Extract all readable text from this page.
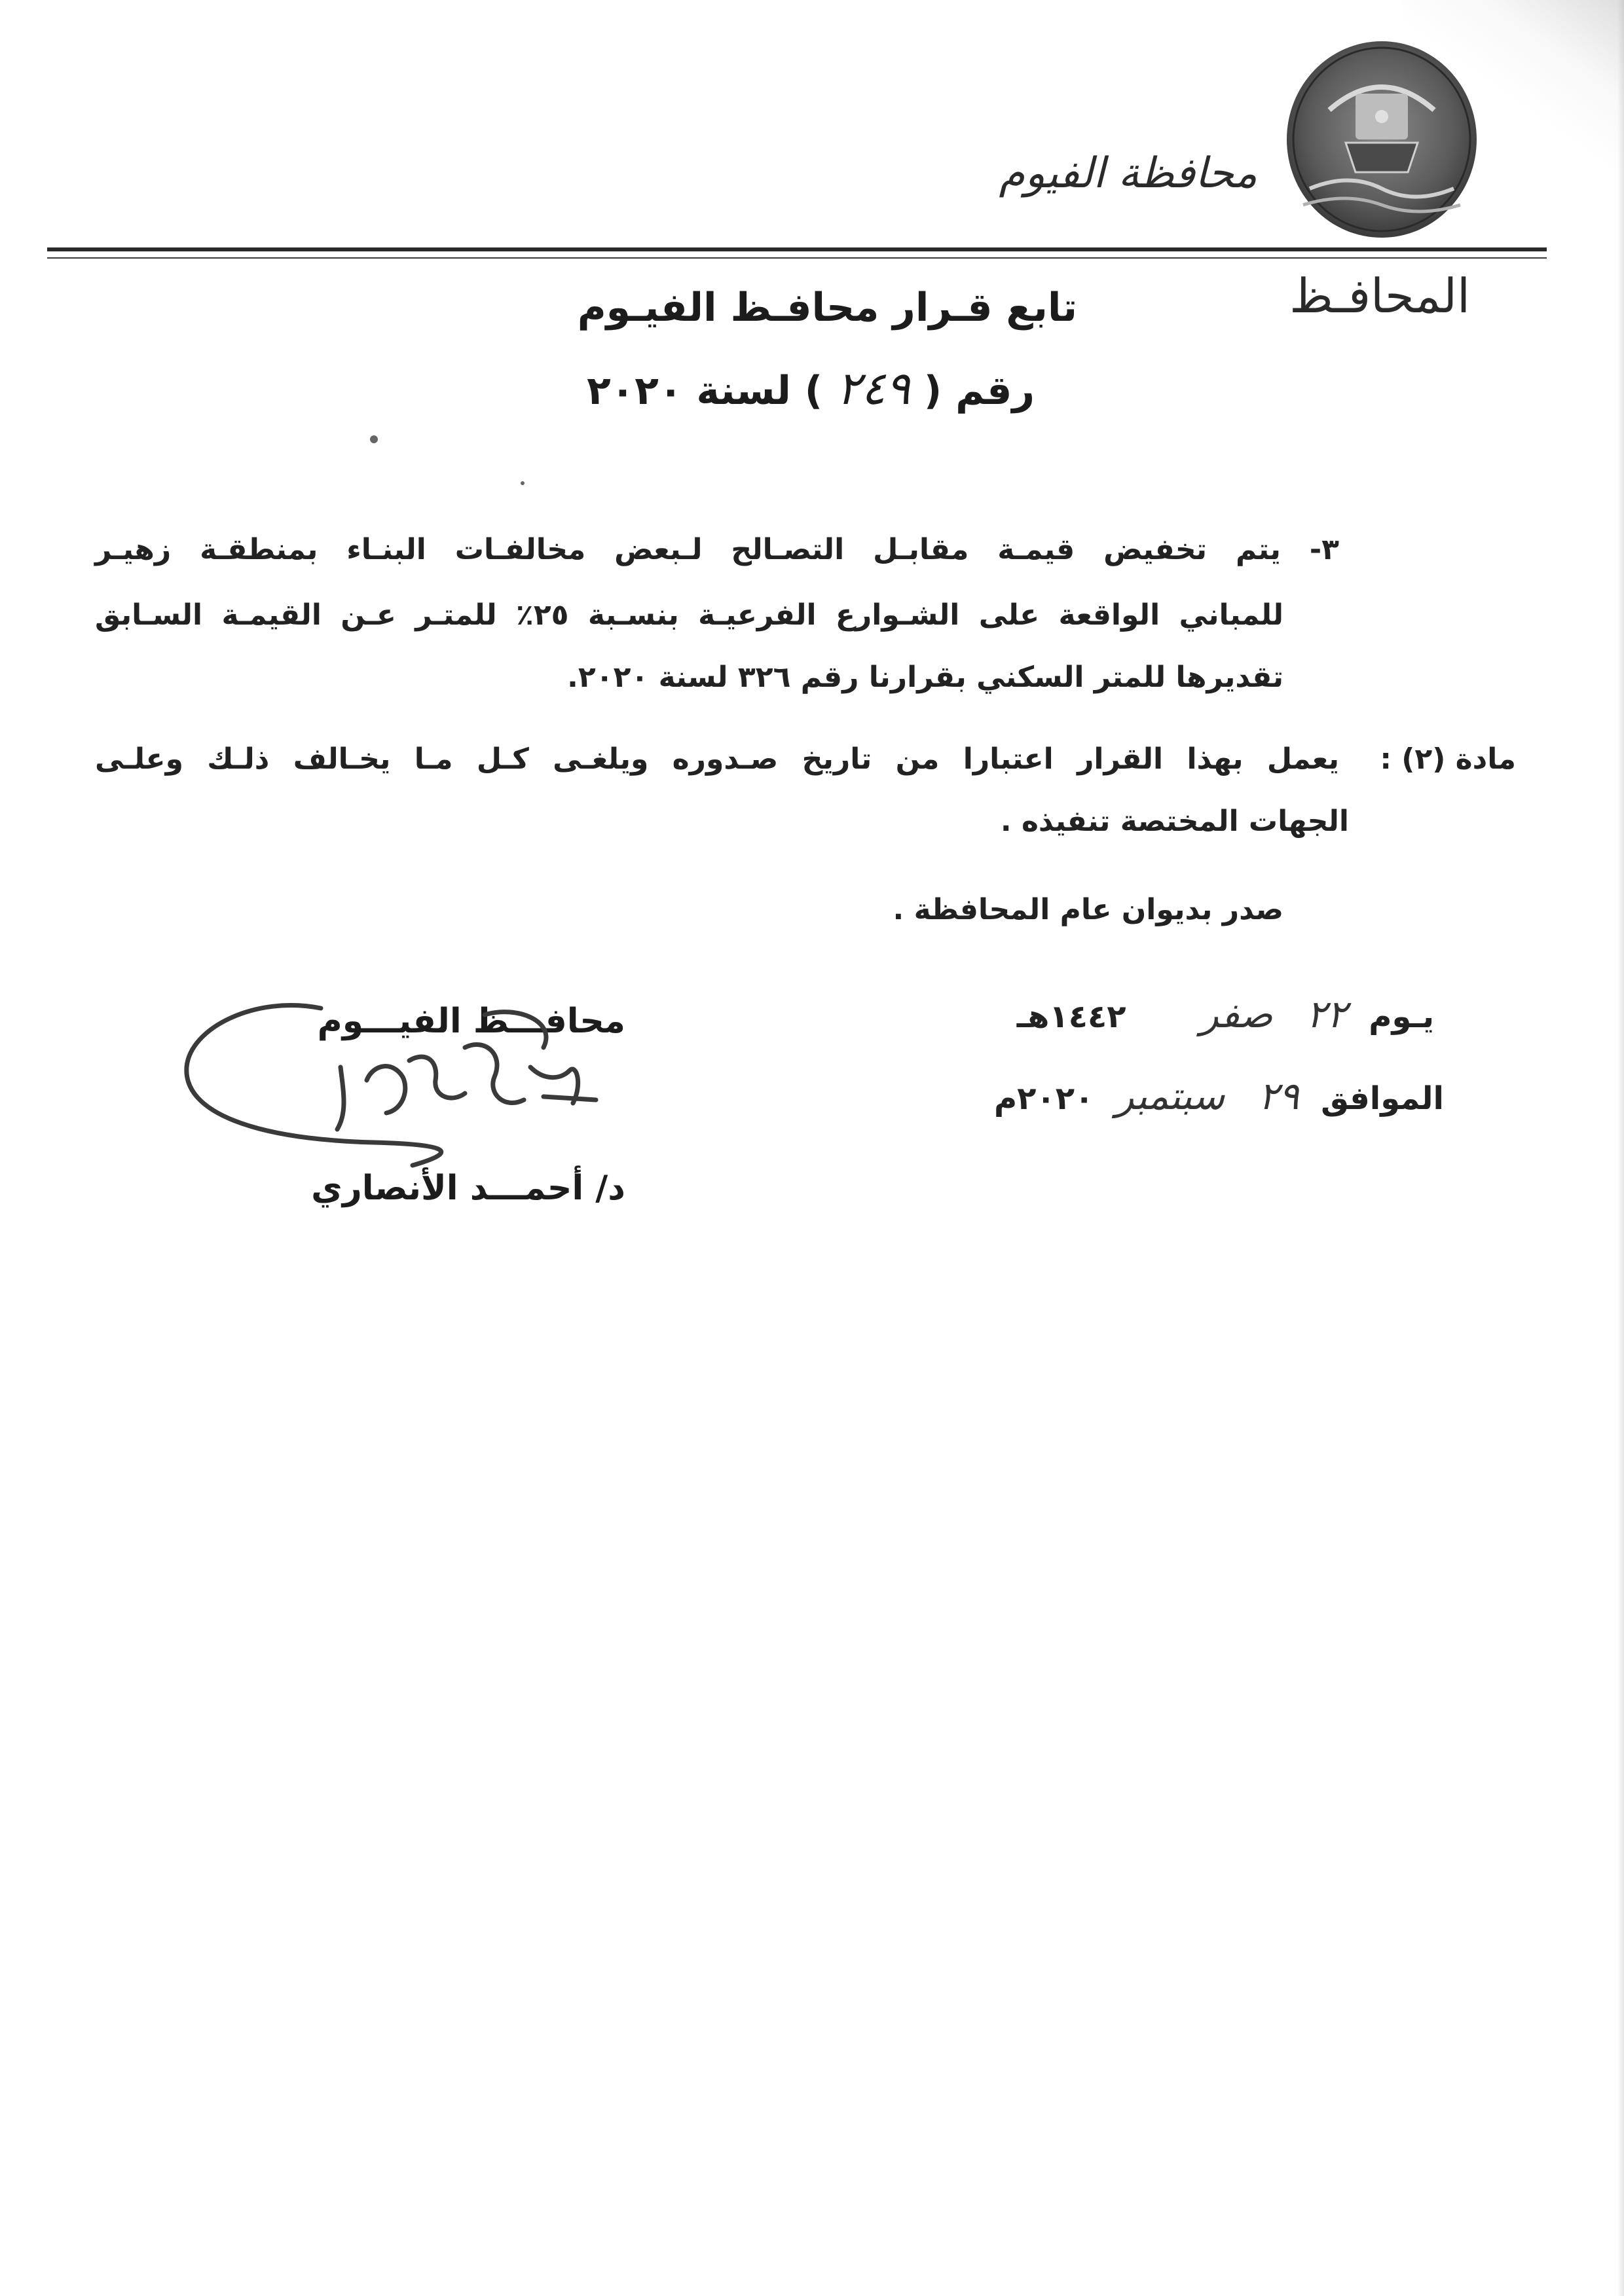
محافظة الفيوم
المحافـظ
تابع قـرار محافـظ الفيـوم
رقم ( ٢٤٩ ) لسنة ٢٠٢٠
٣- يتم تخفيض قيمـة مقابـل التصـالح لـبعض مخالفـات البنـاء بمنطقـة زهيـر
للمباني الواقعة على الشـوارع الفرعيـة بنسـبة ٢٥٪ للمتـر عـن القيمـة السـابق
تقديرها للمتر السكني بقرارنا رقم ٣٢٦ لسنة ٢٠٢٠.
مادة (٢) :
يعمل بهذا القرار اعتبارا من تاريخ صـدوره ويلغـى كـل مـا يخـالف ذلـك وعلـى
الجهات المختصة تنفيذه .
صدر بديوان عام المحافظة .
محافـــظ الفيـــوم
د/ أحمـــد الأنصاري
يـوم ٢٢ صفر ١٤٤٢هـ
الموافق ٢٩ سبتمبر ٢٠٢٠م
